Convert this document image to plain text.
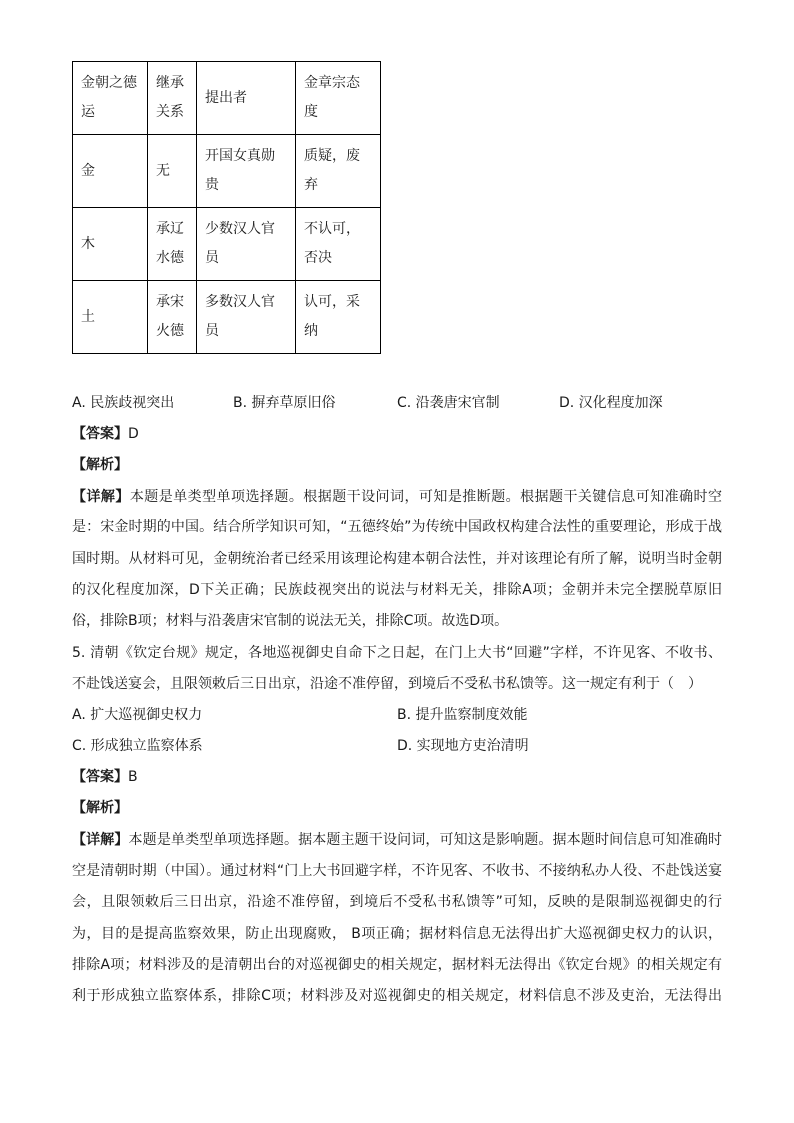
金朝之德运	继承关系	提出者	金章宗态度
金	无	开国女真勋贵	质疑，废弃
木	承辽水德	少数汉人官员	不认可，否决
土	承宋火德	多数汉人官员	认可，采纳
A. 民族歧视突出	B. 摒弃草原旧俗	C. 沿袭唐宋官制	D. 汉化程度加深
【答案】D
【解析】
【详解】本题是单类型单项选择题。根据题干设问词，可知是推断题。根据题干关键信息可知准确时空
是：宋金时期的中国。结合所学知识可知，“五德终始”为传统中国政权构建合法性的重要理论，形成于战
国时期。从材料可见，金朝统治者已经采用该理论构建本朝合法性，并对该理论有所了解，说明当时金朝
的汉化程度加深，D下关正确；民族歧视突出的说法与材料无关，排除A项；金朝并未完全摆脱草原旧
俗，排除B项；材料与沿袭唐宋官制的说法无关，排除C项。故选D项。
5. 清朝《钦定台规》规定，各地巡视御史自命下之日起，在门上大书“回避”字样，不许见客、不收书、
不赴饯送宴会，且限领敕后三日出京，沿途不准停留，到境后不受私书私馈等。这一规定有利于（　）
A. 扩大巡视御史权力	B. 提升监察制度效能
C. 形成独立监察体系	D. 实现地方吏治清明
【答案】B
【解析】
【详解】本题是单类型单项选择题。据本题主题干设问词，可知这是影响题。据本题时间信息可知准确时
空是清朝时期（中国）。通过材料“门上大书回避字样，不许见客、不收书、不接纳私办人役、不赴饯送宴
会，且限领敕后三日出京，沿途不准停留，到境后不受私书私馈等”可知，反映的是限制巡视御史的行
为，目的是提高监察效果，防止出现腐败， B项正确；据材料信息无法得出扩大巡视御史权力的认识，
排除A项；材料涉及的是清朝出台的对巡视御史的相关规定，据材料无法得出《钦定台规》的相关规定有
利于形成独立监察体系，排除C项；材料涉及对巡视御史的相关规定，材料信息不涉及吏治，无法得出
